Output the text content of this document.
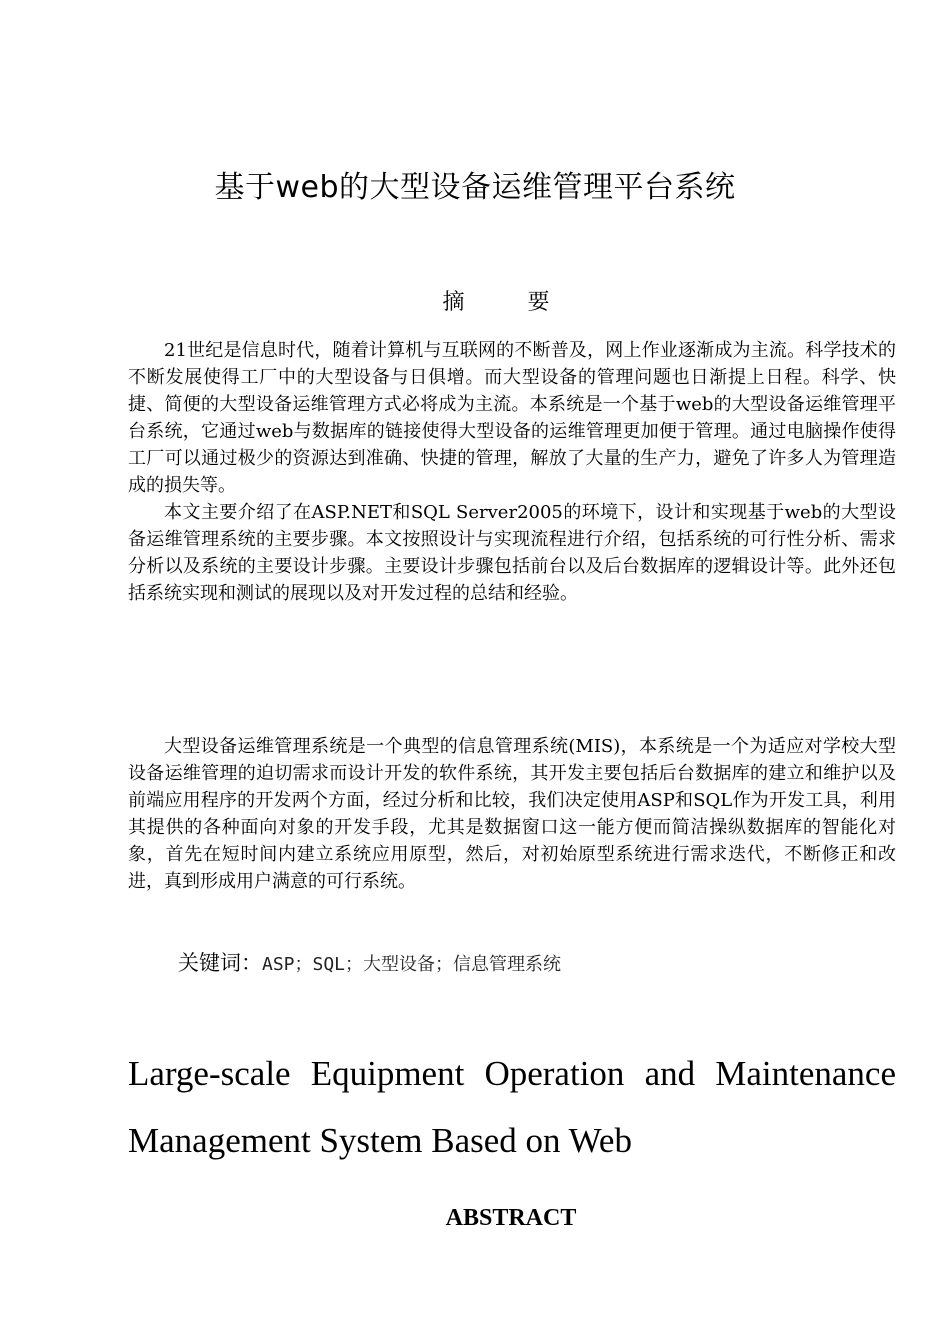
基于web的大型设备运维管理平台系统
摘 要

21世纪是信息时代，随着计算机与互联网的不断普及，网上作业逐渐成为主流。科学技术的不断发展使得工厂中的大型设备与日俱增。而大型设备的管理问题也日渐提上日程。科学、快捷、简便的大型设备运维管理方式必将成为主流。本系统是一个基于web的大型设备运维管理平台系统，它通过web与数据库的链接使得大型设备的运维管理更加便于管理。通过电脑操作使得工厂可以通过极少的资源达到准确、快捷的管理，解放了大量的生产力，避免了许多人为管理造成的损失等。

本文主要介绍了在ASP.NET和SQL Server2005的环境下，设计和实现基于web的大型设备运维管理系统的主要步骤。本文按照设计与实现流程进行介绍，包括系统的可行性分析、需求分析以及系统的主要设计步骤。主要设计步骤包括前台以及后台数据库的逻辑设计等。此外还包括系统实现和测试的展现以及对开发过程的总结和经验。

大型设备运维管理系统是一个典型的信息管理系统(MIS)，本系统是一个为适应对学校大型设备运维管理的迫切需求而设计开发的软件系统，其开发主要包括后台数据库的建立和维护以及前端应用程序的开发两个方面，经过分析和比较，我们决定使用ASP和SQL作为开发工具，利用其提供的各种面向对象的开发手段，尤其是数据窗口这一能方便而简洁操纵数据库的智能化对象，首先在短时间内建立系统应用原型，然后，对初始原型系统进行需求迭代，不断修正和改进，真到形成用户满意的可行系统。

关键词：ASP；SQL；大型设备；信息管理系统
Large-scale Equipment Operation and Maintenance Management System Based on Web
ABSTRACT
